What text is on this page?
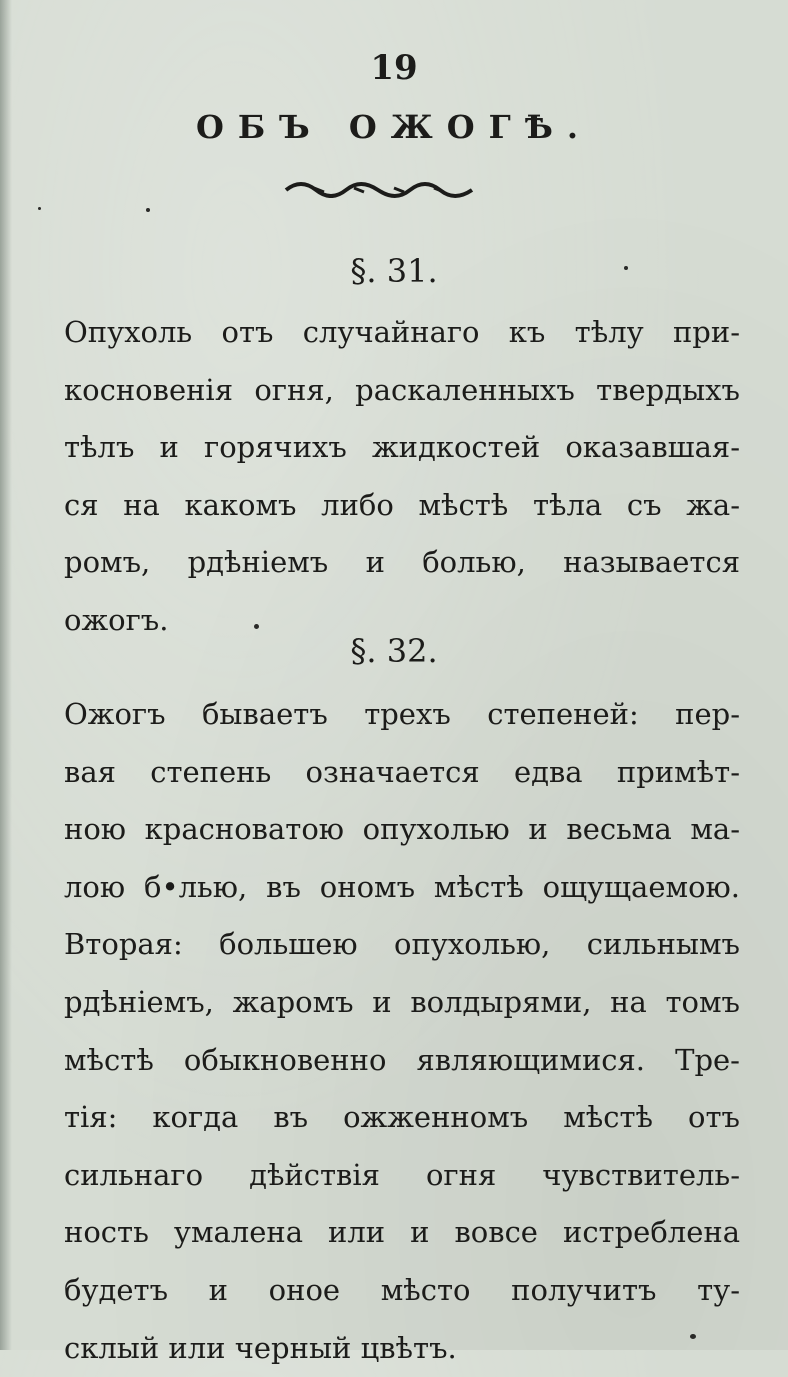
19
ОБЪ ОЖОГѢ.
§. 31.
Опухоль отъ случайнаго къ тѣлу при-
косновенія огня, раскаленныхъ твердыхъ
тѣлъ и горячихъ жидкостей оказавшая-
ся на какомъ либо мѣстѣ тѣла съ жа-
ромъ, рдѣніемъ и болью, называется
ожогъ.
§. 32.
Ожогъ бываетъ трехъ степеней: пер-
вая степень означается едва примѣт-
ною красноватою опухолью и весьма ма-
лою б•лью, въ ономъ мѣстѣ ощущаемою.
Вторая: большею опухолью, сильнымъ
рдѣніемъ, жаромъ и волдырями, на томъ
мѣстѣ обыкновенно являющимися. Тре-
тія: когда въ ожженномъ мѣстѣ отъ
сильнаго дѣйствія огня чувствитель-
ность умалена или и вовсе истреблена
будетъ и оное мѣсто получитъ ту-
склый или черный цвѣтъ.
